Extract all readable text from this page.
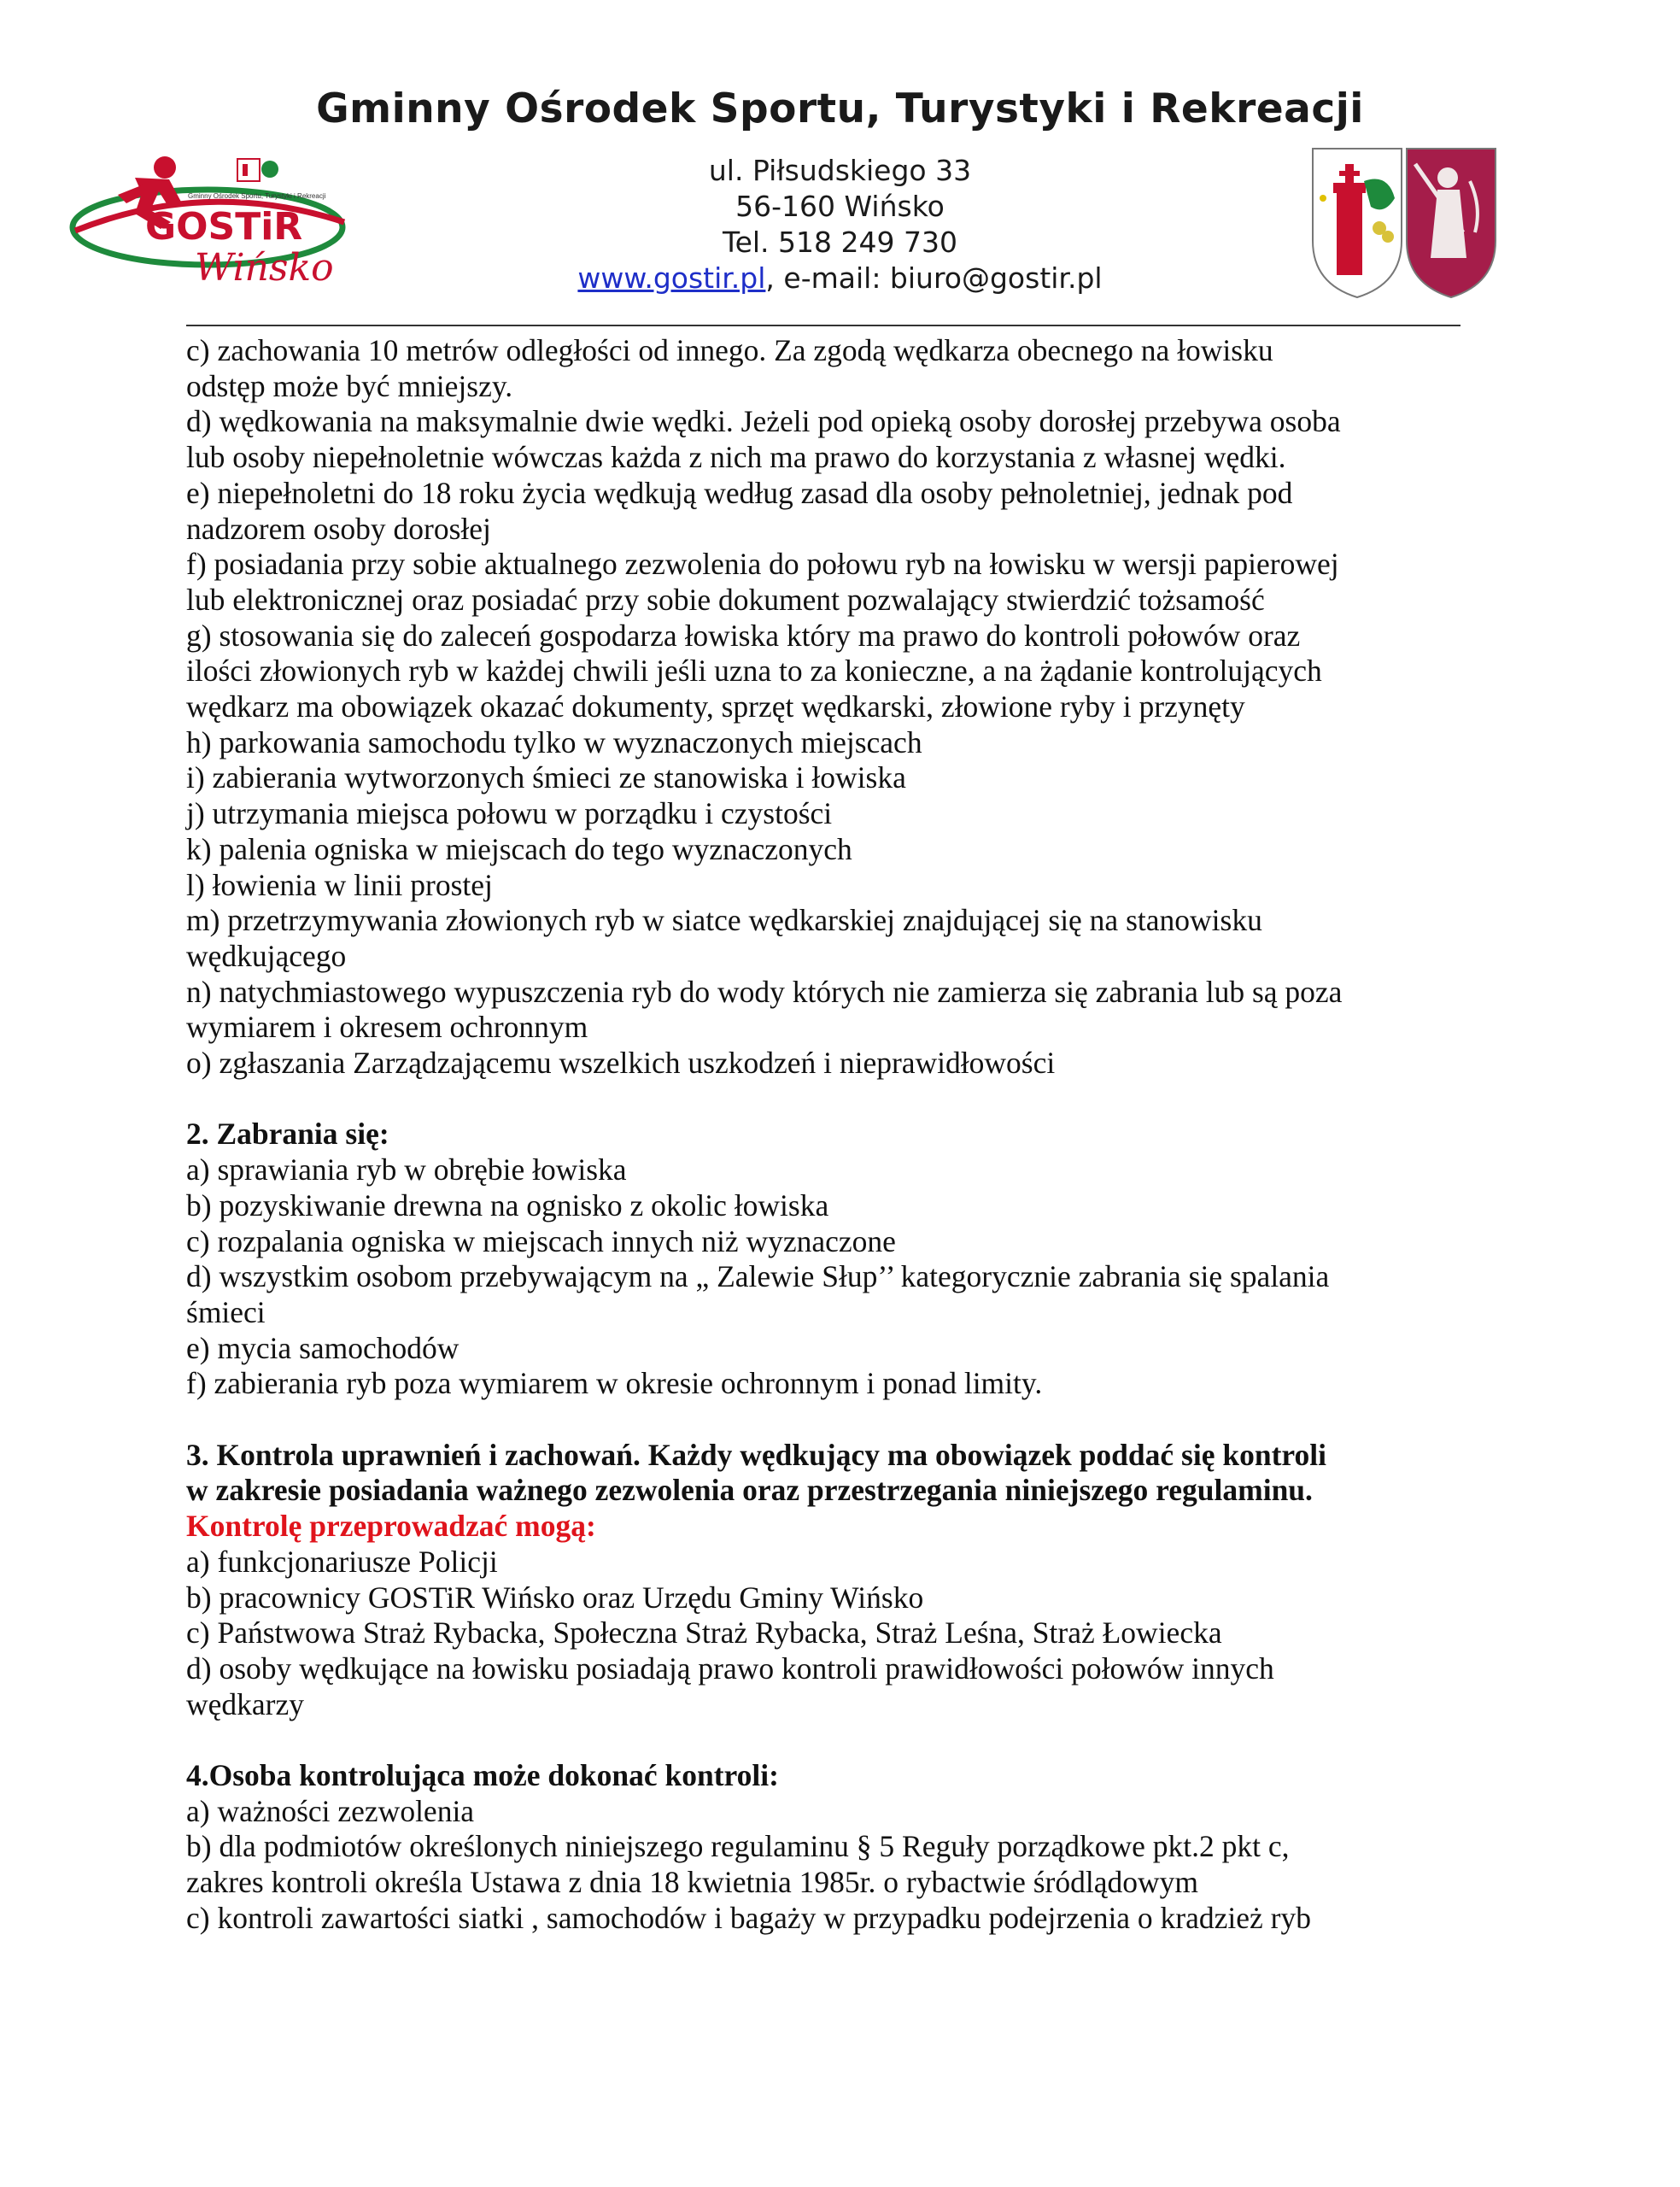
Gminny Ośrodek Sportu, Turystyki i Rekreacji
GOSTiR
Wińsko
Gminny Ośrodek Sportu, Turystyki i Rekreacji
ul. Piłsudskiego 33
56-160 Wińsko
Tel. 518 249 730
www.gostir.pl, e-mail: biuro@gostir.pl

c) zachowania 10 metrów odległości od innego. Za zgodą wędkarza obecnego na łowisku

odstęp może być mniejszy.

d) wędkowania na maksymalnie dwie wędki. Jeżeli pod opieką osoby dorosłej przebywa osoba

lub osoby niepełnoletnie wówczas każda z nich ma prawo do korzystania z własnej wędki.

e) niepełnoletni do 18 roku życia wędkują według zasad dla osoby pełnoletniej, jednak pod

nadzorem osoby dorosłej

f) posiadania przy sobie aktualnego zezwolenia do połowu ryb na łowisku w wersji papierowej

lub elektronicznej oraz posiadać przy sobie dokument pozwalający stwierdzić tożsamość

g) stosowania się do zaleceń gospodarza łowiska który ma prawo do kontroli połowów oraz

ilości złowionych ryb w każdej chwili jeśli uzna to za konieczne, a na żądanie kontrolujących

wędkarz ma obowiązek okazać dokumenty, sprzęt wędkarski, złowione ryby i przynęty

h) parkowania samochodu tylko w wyznaczonych miejscach

i) zabierania wytworzonych śmieci ze stanowiska i łowiska

j) utrzymania miejsca połowu w porządku i czystości

k) palenia ogniska w miejscach do tego wyznaczonych

l) łowienia w linii prostej

m) przetrzymywania złowionych ryb w siatce wędkarskiej znajdującej się na stanowisku

wędkującego

n) natychmiastowego wypuszczenia ryb do wody których nie zamierza się zabrania lub są poza

wymiarem i okresem ochronnym

o) zgłaszania Zarządzającemu wszelkich uszkodzeń i nieprawidłowości

2. Zabrania się:

a) sprawiania ryb w obrębie łowiska

b) pozyskiwanie drewna na ognisko z okolic łowiska

c) rozpalania ogniska w miejscach innych niż wyznaczone

d) wszystkim osobom przebywającym na „ Zalewie Słup’’ kategorycznie zabrania się spalania

śmieci

e) mycia samochodów

f) zabierania ryb poza wymiarem w okresie ochronnym i ponad limity.

3. Kontrola uprawnień i zachowań. Każdy wędkujący ma obowiązek poddać się kontroli

w zakresie posiadania ważnego zezwolenia oraz przestrzegania niniejszego regulaminu.

Kontrolę przeprowadzać mogą:

a) funkcjonariusze Policji

b) pracownicy GOSTiR Wińsko oraz Urzędu Gminy Wińsko

c) Państwowa Straż Rybacka, Społeczna Straż Rybacka, Straż Leśna, Straż Łowiecka

d) osoby wędkujące na łowisku posiadają prawo kontroli prawidłowości połowów innych

wędkarzy

4.Osoba kontrolująca może dokonać kontroli:

a) ważności zezwolenia

b) dla podmiotów określonych niniejszego regulaminu § 5 Reguły porządkowe pkt.2 pkt c,

zakres kontroli określa Ustawa z dnia 18 kwietnia 1985r. o rybactwie śródlądowym

c) kontroli zawartości siatki , samochodów i bagaży w przypadku podejrzenia o kradzież ryb
